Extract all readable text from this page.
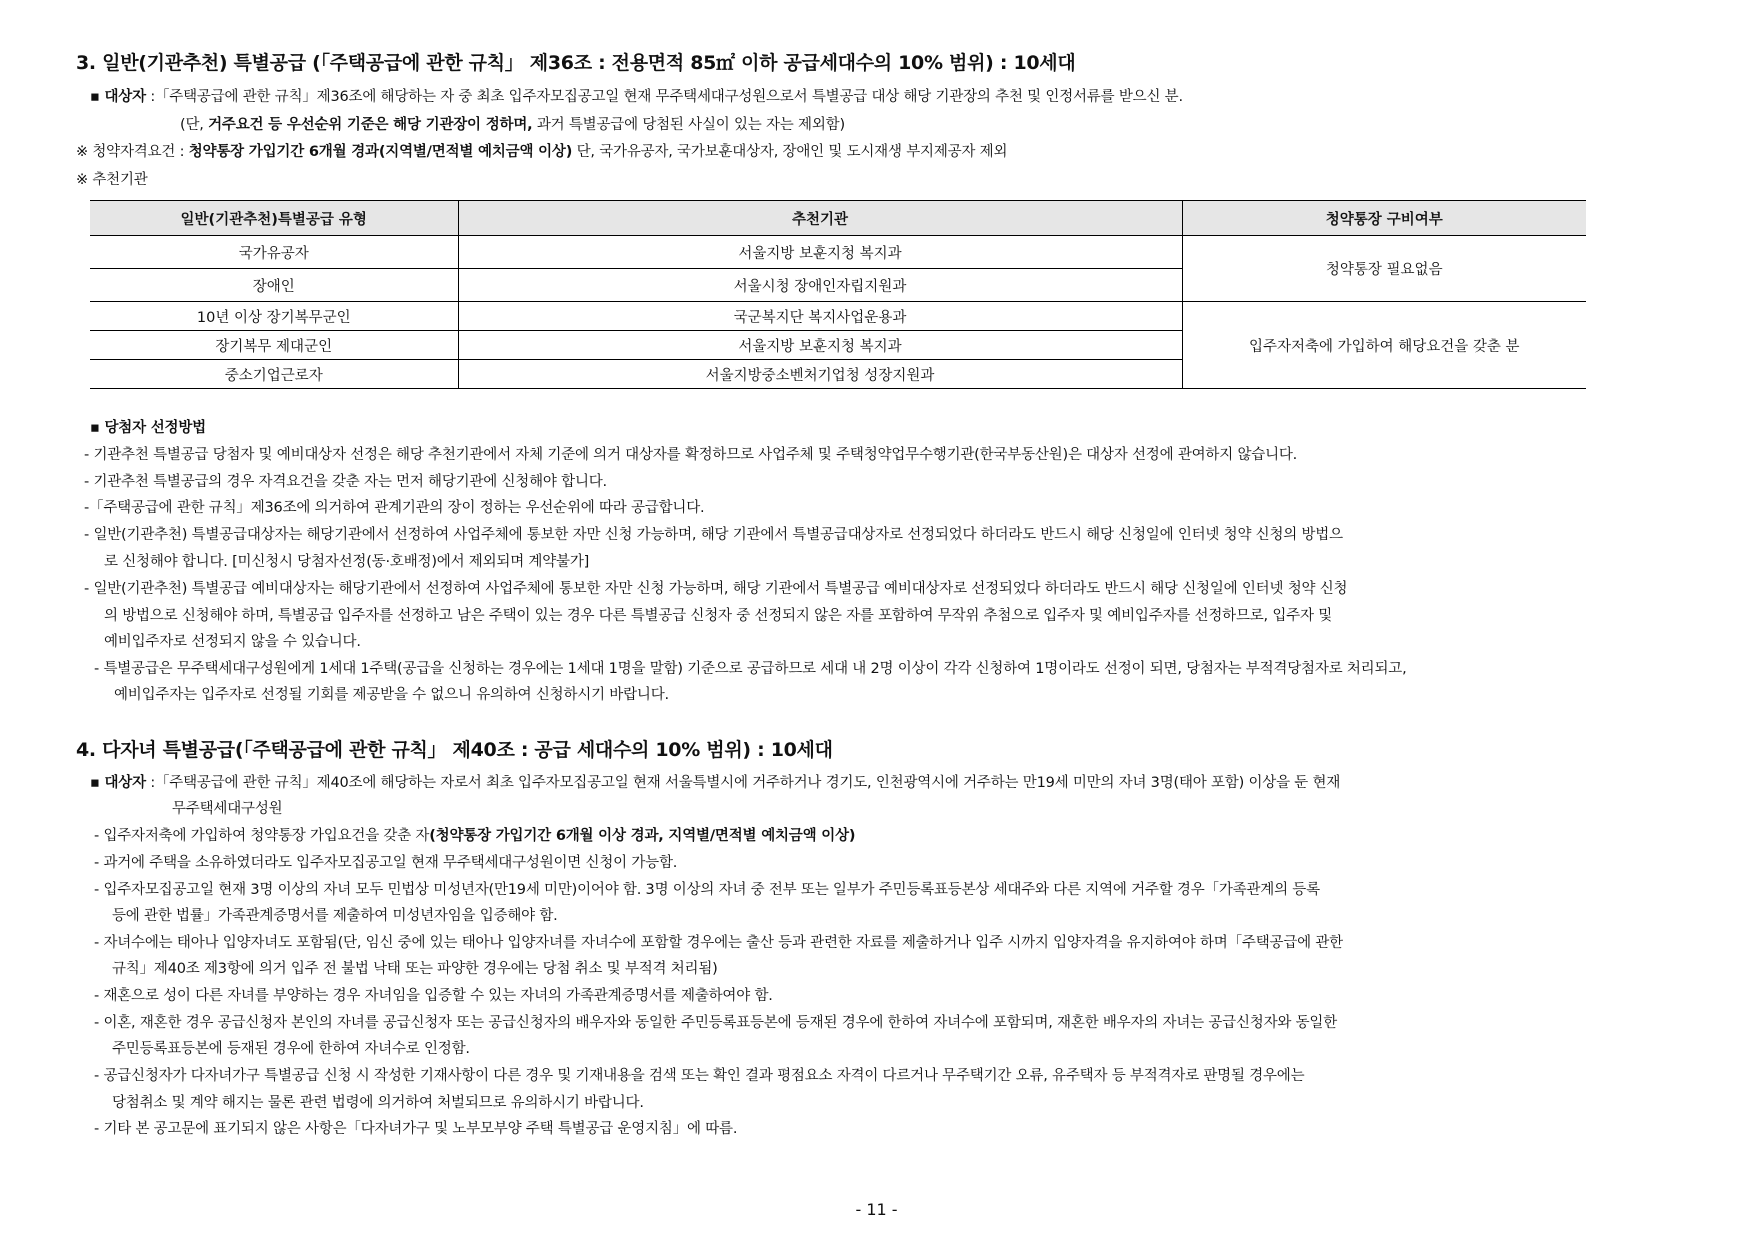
3. 일반(기관추천) 특별공급 (「주택공급에 관한 규칙」 제36조 : 전용면적 85㎡ 이하 공급세대수의 10% 범위) : 10세대
▪ 대상자 :「주택공급에 관한 규칙」제36조에 해당하는 자 중 최초 입주자모집공고일 현재 무주택세대구성원으로서 특별공급 대상 해당 기관장의 추천 및 인정서류를 받으신 분.
(단, 거주요건 등 우선순위 기준은 해당 기관장이 정하며, 과거 특별공급에 당첨된 사실이 있는 자는 제외함)
※ 청약자격요건 : 청약통장 가입기간 6개월 경과(지역별/면적별 예치금액 이상) 단, 국가유공자, 국가보훈대상자, 장애인 및 도시재생 부지제공자 제외
※ 추천기관
일반(기관추천)특별공급 유형	추천기관	청약통장 구비여부
국가유공자	서울지방 보훈지청 복지과	청약통장 필요없음
장애인	서울시청 장애인자립지원과	
10년 이상 장기복무군인	국군복지단 복지사업운용과	입주자저축에 가입하여 해당요건을 갖춘 분
장기복무 제대군인	서울지방 보훈지청 복지과	
중소기업근로자	서울지방중소벤처기업청 성장지원과	
▪ 당첨자 선정방법
- 기관추천 특별공급 당첨자 및 예비대상자 선정은 해당 추천기관에서 자체 기준에 의거 대상자를 확정하므로 사업주체 및 주택청약업무수행기관(한국부동산원)은 대상자 선정에 관여하지 않습니다.
- 기관추천 특별공급의 경우 자격요건을 갖춘 자는 먼저 해당기관에 신청해야 합니다.
-「주택공급에 관한 규칙」제36조에 의거하여 관계기관의 장이 정하는 우선순위에 따라 공급합니다.
- 일반(기관추천) 특별공급대상자는 해당기관에서 선정하여 사업주체에 통보한 자만 신청 가능하며, 해당 기관에서 특별공급대상자로 선정되었다 하더라도 반드시 해당 신청일에 인터넷 청약 신청의 방법으
로 신청해야 합니다. [미신청시 당첨자선정(동·호배정)에서 제외되며 계약불가]
- 일반(기관추천) 특별공급 예비대상자는 해당기관에서 선정하여 사업주체에 통보한 자만 신청 가능하며, 해당 기관에서 특별공급 예비대상자로 선정되었다 하더라도 반드시 해당 신청일에 인터넷 청약 신청
의 방법으로 신청해야 하며, 특별공급 입주자를 선정하고 남은 주택이 있는 경우 다른 특별공급 신청자 중 선정되지 않은 자를 포함하여 무작위 추첨으로 입주자 및 예비입주자를 선정하므로, 입주자 및
예비입주자로 선정되지 않을 수 있습니다.
- 특별공급은 무주택세대구성원에게 1세대 1주택(공급을 신청하는 경우에는 1세대 1명을 말함) 기준으로 공급하므로 세대 내 2명 이상이 각각 신청하여 1명이라도 선정이 되면, 당첨자는 부적격당첨자로 처리되고,
예비입주자는 입주자로 선정될 기회를 제공받을 수 없으니 유의하여 신청하시기 바랍니다.
4. 다자녀 특별공급(「주택공급에 관한 규칙」 제40조 : 공급 세대수의 10% 범위) : 10세대
▪ 대상자 :「주택공급에 관한 규칙」제40조에 해당하는 자로서 최초 입주자모집공고일 현재 서울특별시에 거주하거나 경기도, 인천광역시에 거주하는 만19세 미만의 자녀 3명(태아 포함) 이상을 둔 현재
무주택세대구성원
- 입주자저축에 가입하여 청약통장 가입요건을 갖춘 자(청약통장 가입기간 6개월 이상 경과, 지역별/면적별 예치금액 이상)
- 과거에 주택을 소유하였더라도 입주자모집공고일 현재 무주택세대구성원이면 신청이 가능함.
- 입주자모집공고일 현재 3명 이상의 자녀 모두 민법상 미성년자(만19세 미만)이어야 함. 3명 이상의 자녀 중 전부 또는 일부가 주민등록표등본상 세대주와 다른 지역에 거주할 경우「가족관계의 등록
등에 관한 법률」가족관계증명서를 제출하여 미성년자임을 입증해야 함.
- 자녀수에는 태아나 입양자녀도 포함됨(단, 임신 중에 있는 태아나 입양자녀를 자녀수에 포함할 경우에는 출산 등과 관련한 자료를 제출하거나 입주 시까지 입양자격을 유지하여야 하며「주택공급에 관한
규칙」제40조 제3항에 의거 입주 전 불법 낙태 또는 파양한 경우에는 당첨 취소 및 부적격 처리됨)
- 재혼으로 성이 다른 자녀를 부양하는 경우 자녀임을 입증할 수 있는 자녀의 가족관계증명서를 제출하여야 함.
- 이혼, 재혼한 경우 공급신청자 본인의 자녀를 공급신청자 또는 공급신청자의 배우자와 동일한 주민등록표등본에 등재된 경우에 한하여 자녀수에 포함되며, 재혼한 배우자의 자녀는 공급신청자와 동일한
주민등록표등본에 등재된 경우에 한하여 자녀수로 인정함.
- 공급신청자가 다자녀가구 특별공급 신청 시 작성한 기재사항이 다른 경우 및 기재내용을 검색 또는 확인 결과 평점요소 자격이 다르거나 무주택기간 오류, 유주택자 등 부적격자로 판명될 경우에는
당첨취소 및 계약 해지는 물론 관련 법령에 의거하여 처벌되므로 유의하시기 바랍니다.
- 기타 본 공고문에 표기되지 않은 사항은「다자녀가구 및 노부모부양 주택 특별공급 운영지침」에 따름.
- 11 -
